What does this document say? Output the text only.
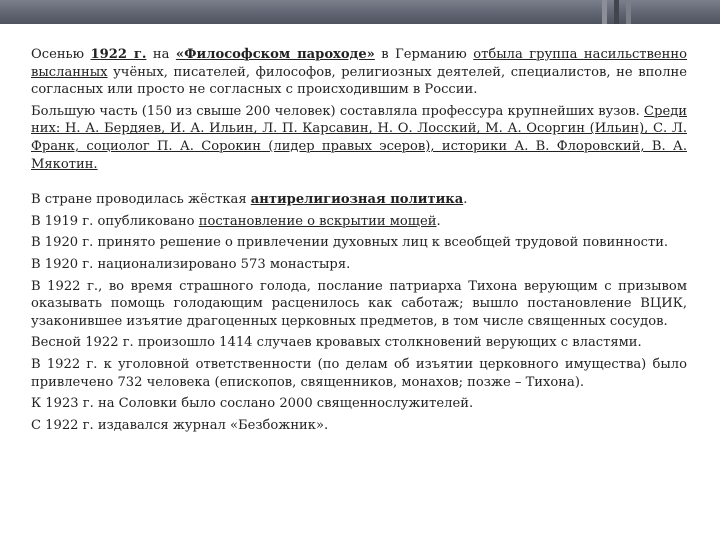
Осенью 1922 г. на «Философском пароходе» в Германию отбыла группа насильственно высланных учёных, писателей, философов, религиозных деятелей, специалистов, не вполне согласных или просто не согласных с происходившим в России.

Большую часть (150 из свыше 200 человек) составляла профессура крупнейших вузов. Среди них: Н. А. Бердяев, И. А. Ильин, Л. П. Карсавин, Н. О. Лосский, М. А. Осоргин (Ильин), С. Л. Франк, социолог П. А. Сорокин (лидер правых эсеров), историки А. В. Флоровский, В. А. Мякотин.

В стране проводилась жёсткая антирелигиозная политика.

В 1919 г. опубликовано постановление о вскрытии мощей.

В 1920 г. принято решение о привлечении духовных лиц к всеобщей трудовой повинности.

В 1920 г. национализировано 573 монастыря.

В 1922 г., во время страшного голода, послание патриарха Тихона верующим с призывом оказывать помощь голодающим расценилось как саботаж; вышло постановление ВЦИК, узаконившее изъятие драгоценных церковных предметов, в том числе священных сосудов.

Весной 1922 г. произошло 1414 случаев кровавых столкновений верующих с властями.

В 1922 г. к уголовной ответственности (по делам об изъятии церковного имущества) было привлечено 732 человека (епископов, священников, монахов; позже – Тихона).

К 1923 г. на Соловки было сослано 2000 священнослужителей.

С 1922 г. издавался журнал «Безбожник».
